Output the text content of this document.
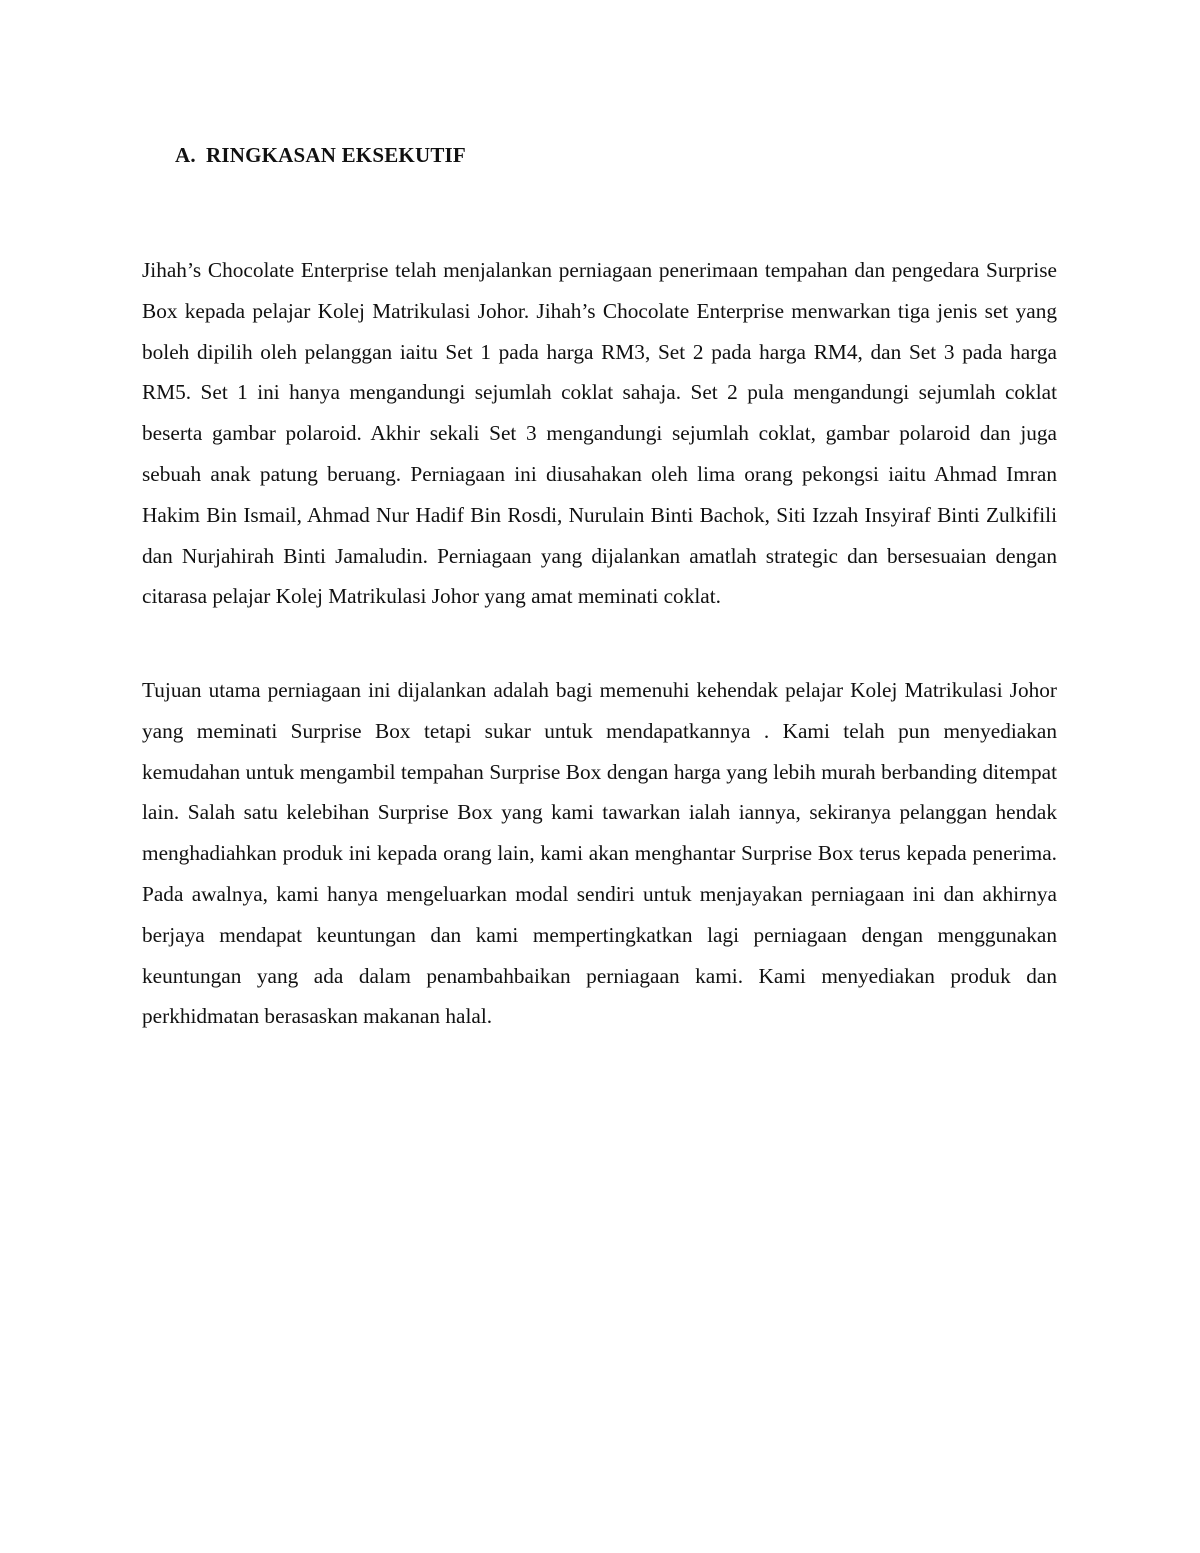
A. RINGKASAN EKSEKUTIF

Jihah’s Chocolate Enterprise telah menjalankan perniagaan penerimaan tempahan dan pengedara Surprise Box kepada pelajar Kolej Matrikulasi Johor. Jihah’s Chocolate Enterprise menwarkan tiga jenis set yang boleh dipilih oleh pelanggan iaitu Set 1 pada harga RM3, Set 2 pada harga RM4, dan Set 3 pada harga RM5. Set 1 ini hanya mengandungi sejumlah coklat sahaja. Set 2 pula mengandungi sejumlah coklat beserta gambar polaroid. Akhir sekali Set 3 mengandungi sejumlah coklat, gambar polaroid dan juga sebuah anak patung beruang. Perniagaan ini diusahakan oleh lima orang pekongsi iaitu Ahmad Imran Hakim Bin Ismail, Ahmad Nur Hadif Bin Rosdi, Nurulain Binti Bachok, Siti Izzah Insyiraf Binti Zulkifili dan Nurjahirah Binti Jamaludin. Perniagaan yang dijalankan amatlah strategic dan bersesuaian dengan citarasa pelajar Kolej Matrikulasi Johor yang amat meminati coklat.

Tujuan utama perniagaan ini dijalankan adalah bagi memenuhi kehendak pelajar Kolej Matrikulasi Johor yang meminati Surprise Box tetapi sukar untuk mendapatkannya . Kami telah pun menyediakan kemudahan untuk mengambil tempahan Surprise Box dengan harga yang lebih murah berbanding ditempat lain. Salah satu kelebihan Surprise Box yang kami tawarkan ialah iannya, sekiranya pelanggan hendak menghadiahkan produk ini kepada orang lain, kami akan menghantar Surprise Box terus kepada penerima. Pada awalnya, kami hanya mengeluarkan modal sendiri untuk menjayakan perniagaan ini dan akhirnya berjaya mendapat keuntungan dan kami mempertingkatkan lagi perniagaan dengan menggunakan keuntungan yang ada dalam penambahbaikan perniagaan kami. Kami menyediakan produk dan perkhidmatan berasaskan makanan halal.
